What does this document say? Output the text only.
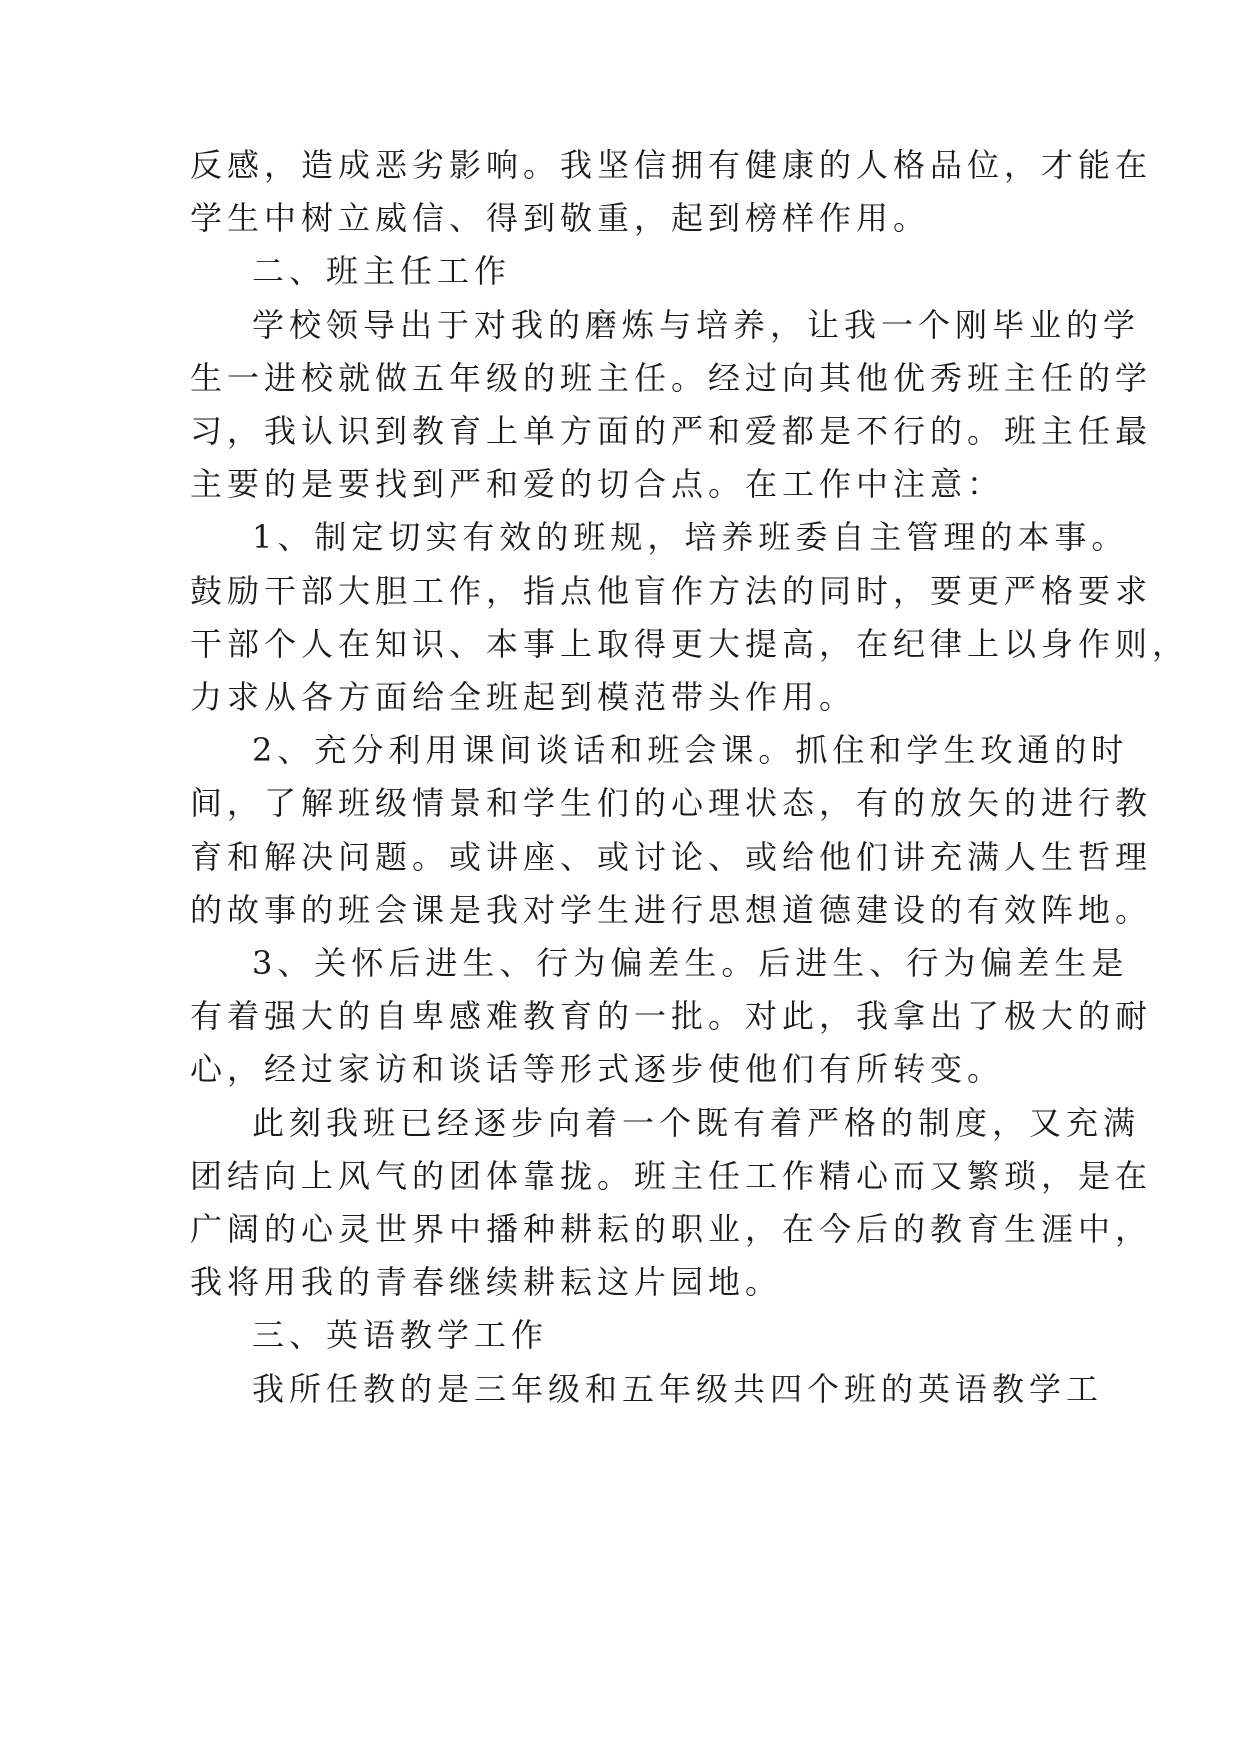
反感，造成恶劣影响。我坚信拥有健康的人格品位，才能在
学生中树立威信、得到敬重，起到榜样作用。
二、班主任工作
学校领导出于对我的磨炼与培养，让我一个刚毕业的学
生一进校就做五年级的班主任。经过向其他优秀班主任的学
习，我认识到教育上单方面的严和爱都是不行的。班主任最
主要的是要找到严和爱的切合点。在工作中注意：
1、制定切实有效的班规，培养班委自主管理的本事。
鼓励干部大胆工作，指点他盲作方法的同时，要更严格要求
干部个人在知识、本事上取得更大提高，在纪律上以身作则，
力求从各方面给全班起到模范带头作用。
2、充分利用课间谈话和班会课。抓住和学生玫通的时
间，了解班级情景和学生们的心理状态，有的放矢的进行教
育和解决问题。或讲座、或讨论、或给他们讲充满人生哲理
的故事的班会课是我对学生进行思想道德建设的有效阵地。
3、关怀后进生、行为偏差生。后进生、行为偏差生是
有着强大的自卑感难教育的一批。对此，我拿出了极大的耐
心，经过家访和谈话等形式逐步使他们有所转变。
此刻我班已经逐步向着一个既有着严格的制度，又充满
团结向上风气的团体靠拢。班主任工作精心而又繁琐，是在
广阔的心灵世界中播种耕耘的职业，在今后的教育生涯中，
我将用我的青春继续耕耘这片园地。
三、英语教学工作
我所任教的是三年级和五年级共四个班的英语教学工
